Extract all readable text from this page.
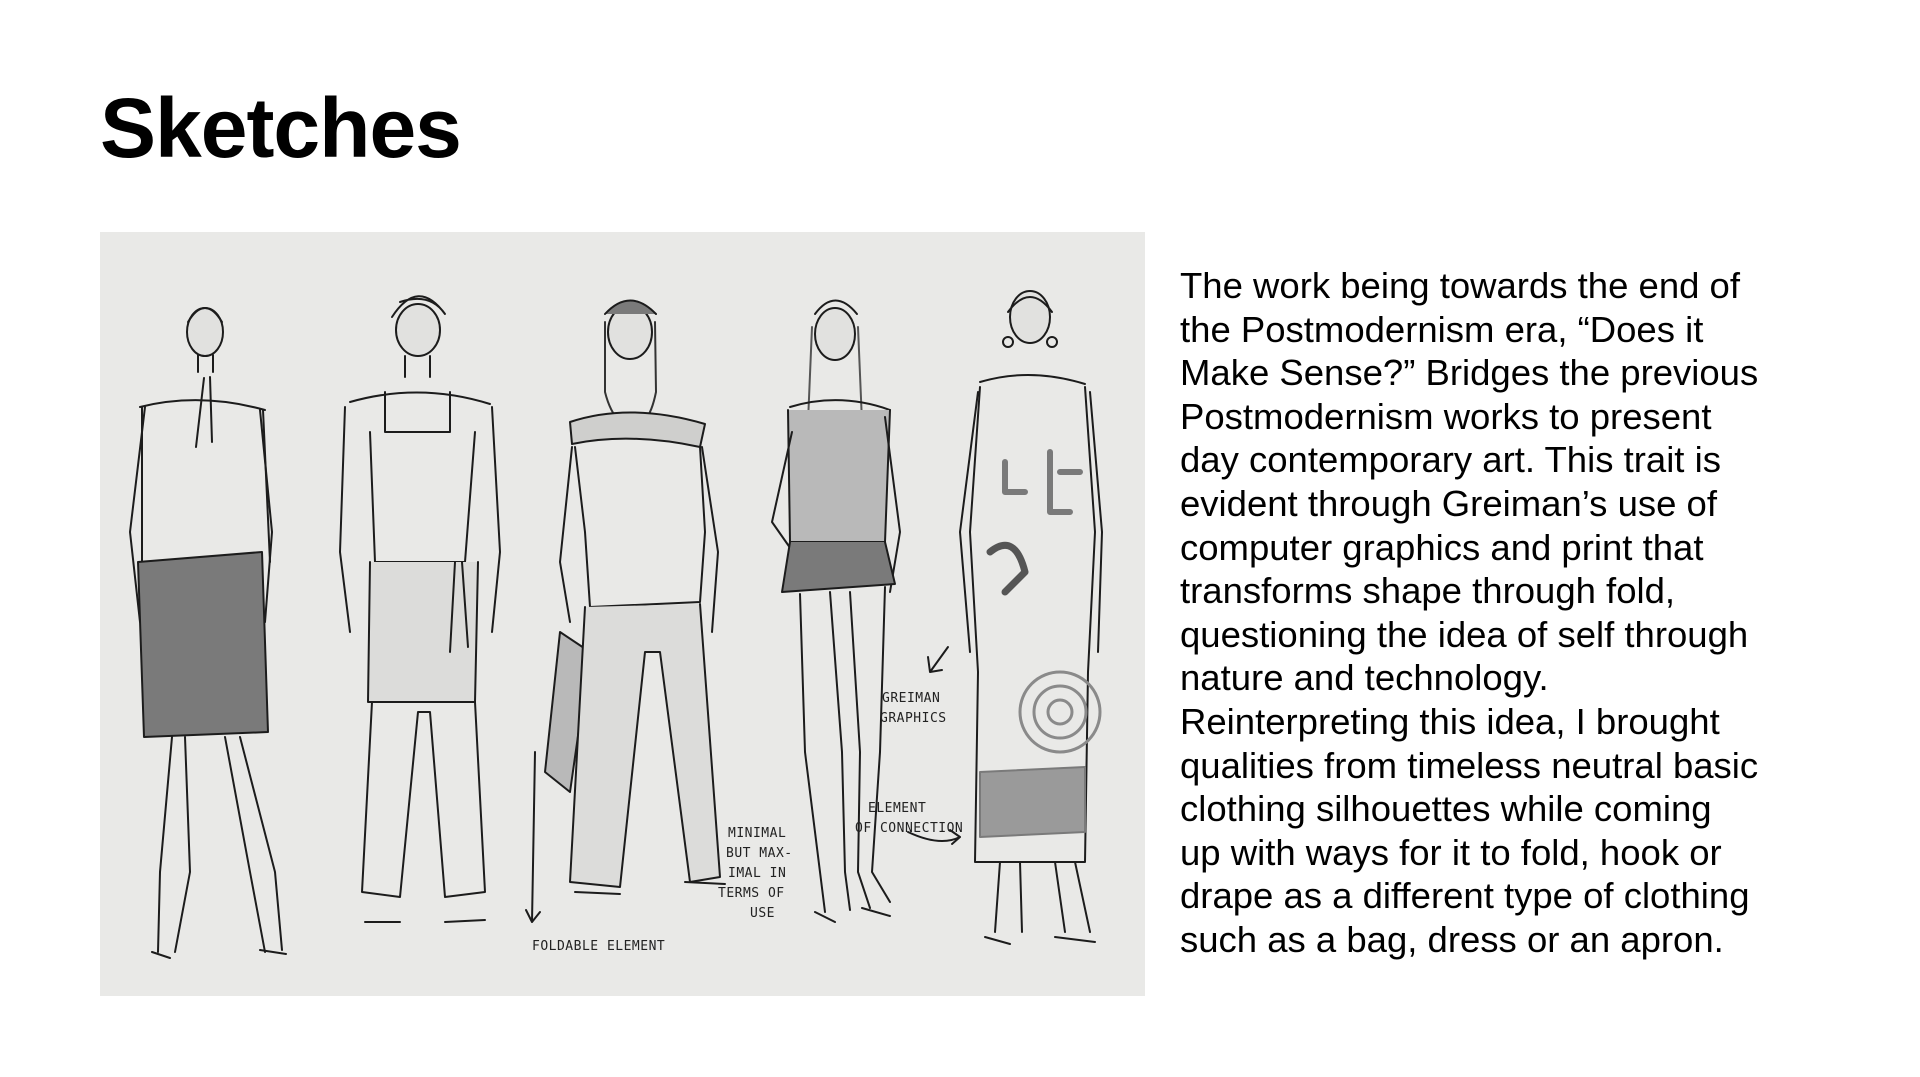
Sketches
GREIMAN
GRAPHICS
ELEMENT
OF CONNECTION
MINIMAL
BUT MAX-
IMAL IN
TERMS OF
USE
FOLDABLE ELEMENT

The work being towards the end of
the Postmodernism era, “Does it
Make Sense?” Bridges the previous
Postmodernism works to present
day contemporary art. This trait is
evident through Greiman’s use of
computer graphics and print that
transforms shape through fold,
questioning the idea of self through
nature and technology.
Reinterpreting this idea, I brought
qualities from timeless neutral basic
clothing silhouettes while coming
up with ways for it to fold, hook or
drape as a different type of clothing
such as a bag, dress or an apron.
